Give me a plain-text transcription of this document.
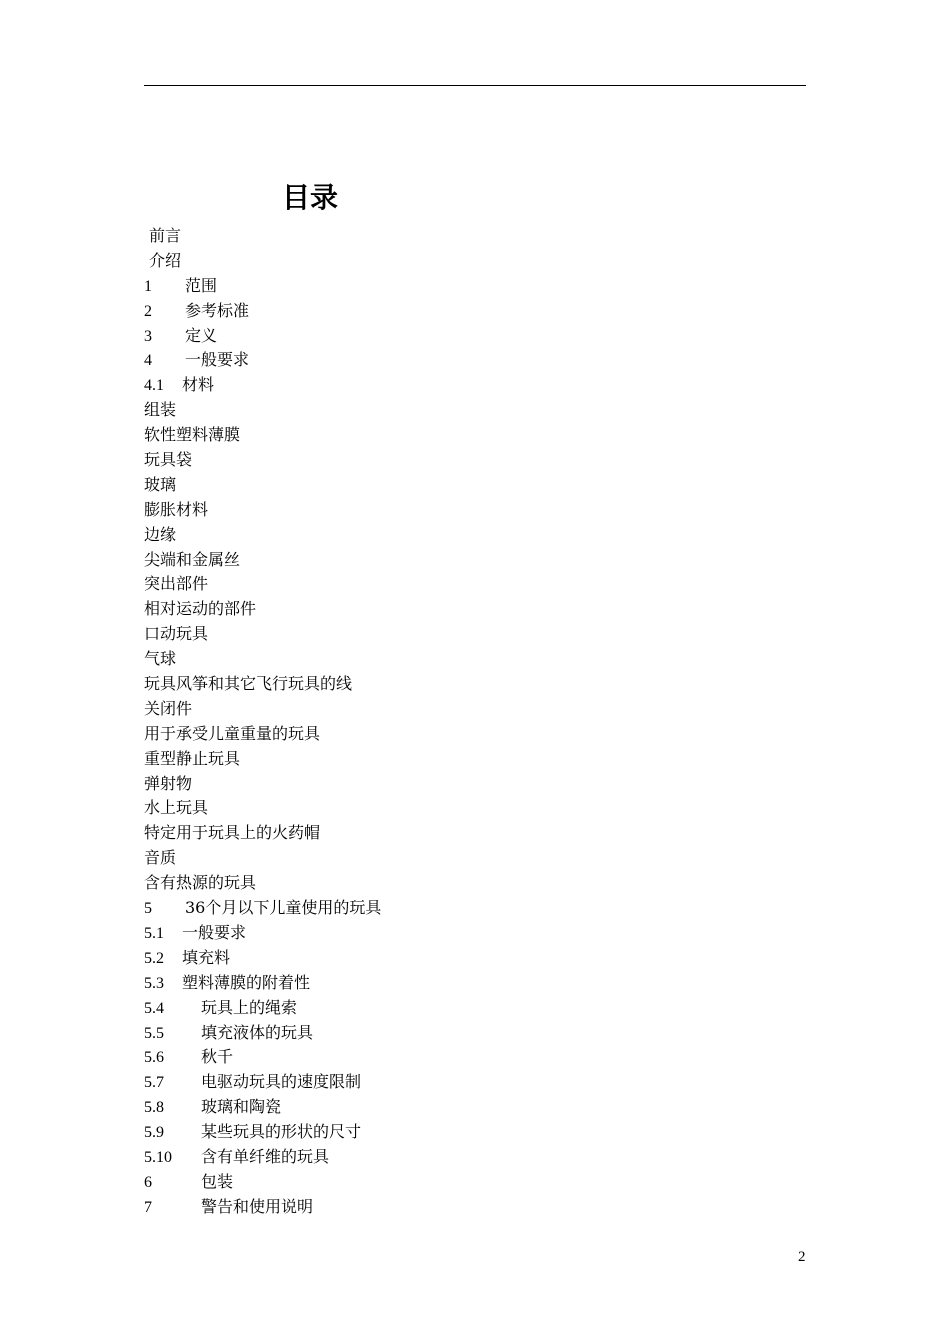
目录
前言
介绍
1 范围
2 参考标准
3 定义
4 一般要求
4.1 材料
组装
软性塑料薄膜
玩具袋
玻璃
膨胀材料
边缘
尖端和金属丝
突出部件
相对运动的部件
口动玩具
气球
玩具风筝和其它飞行玩具的线
关闭件
用于承受儿童重量的玩具
重型静止玩具
弹射物
水上玩具
特定用于玩具上的火药帽
音质
含有热源的玩具
5 36个月以下儿童使用的玩具
5.1 一般要求
5.2 填充料
5.3 塑料薄膜的附着性
5.4 玩具上的绳索
5.5 填充液体的玩具
5.6 秋千
5.7 电驱动玩具的速度限制
5.8 玻璃和陶瓷
5.9 某些玩具的形状的尺寸
5.10 含有单纤维的玩具
6	包装
7	警告和使用说明
2
